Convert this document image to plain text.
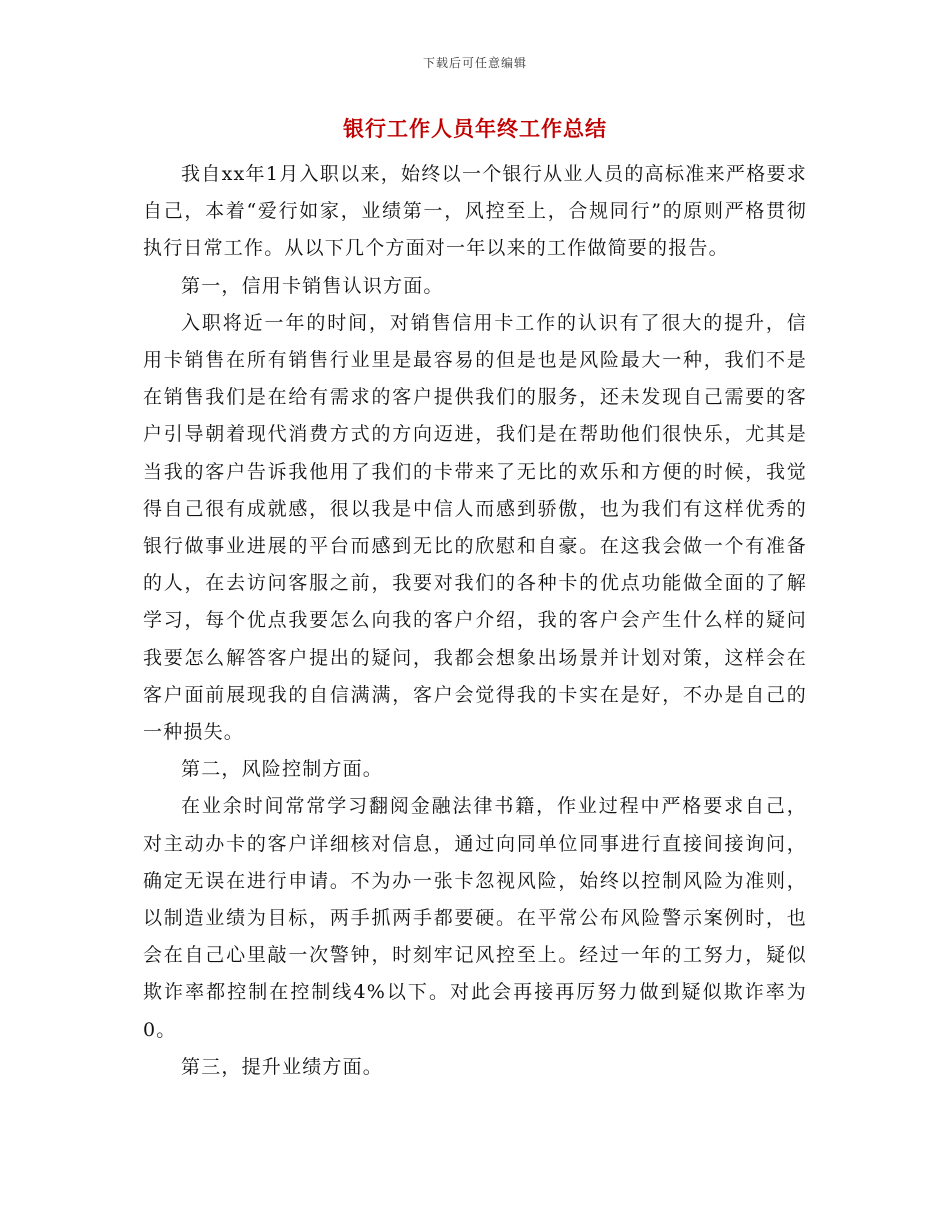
下载后可任意编辑
银行工作人员年终工作总结

我自xx年1月入职以来，始终以一个银行从业人员的高标准来严格要求自己，本着“爱行如家，业绩第一，风控至上，合规同行”的原则严格贯彻执行日常工作。从以下几个方面对一年以来的工作做简要的报告。

第一，信用卡销售认识方面。

入职将近一年的时间，对销售信用卡工作的认识有了很大的提升，信用卡销售在所有销售行业里是最容易的但是也是风险最大一种，我们不是在销售我们是在给有需求的客户提供我们的服务，还未发现自己需要的客户引导朝着现代消费方式的方向迈进，我们是在帮助他们很快乐，尤其是当我的客户告诉我他用了我们的卡带来了无比的欢乐和方便的时候，我觉得自己很有成就感，很以我是中信人而感到骄傲，也为我们有这样优秀的银行做事业进展的平台而感到无比的欣慰和自豪。在这我会做一个有准备的人，在去访问客服之前，我要对我们的各种卡的优点功能做全面的了解学习，每个优点我要怎么向我的客户介绍，我的客户会产生什么样的疑问我要怎么解答客户提出的疑问，我都会想象出场景并计划对策，这样会在客户面前展现我的自信满满，客户会觉得我的卡实在是好，不办是自己的一种损失。

第二，风险控制方面。

在业余时间常常学习翻阅金融法律书籍，作业过程中严格要求自己，对主动办卡的客户详细核对信息，通过向同单位同事进行直接间接询问，确定无误在进行申请。不为办一张卡忽视风险，始终以控制风险为准则，以制造业绩为目标，两手抓两手都要硬。在平常公布风险警示案例时，也会在自己心里敲一次警钟，时刻牢记风控至上。经过一年的工努力，疑似欺诈率都控制在控制线4%以下。对此会再接再厉努力做到疑似欺诈率为0。

第三，提升业绩方面。
